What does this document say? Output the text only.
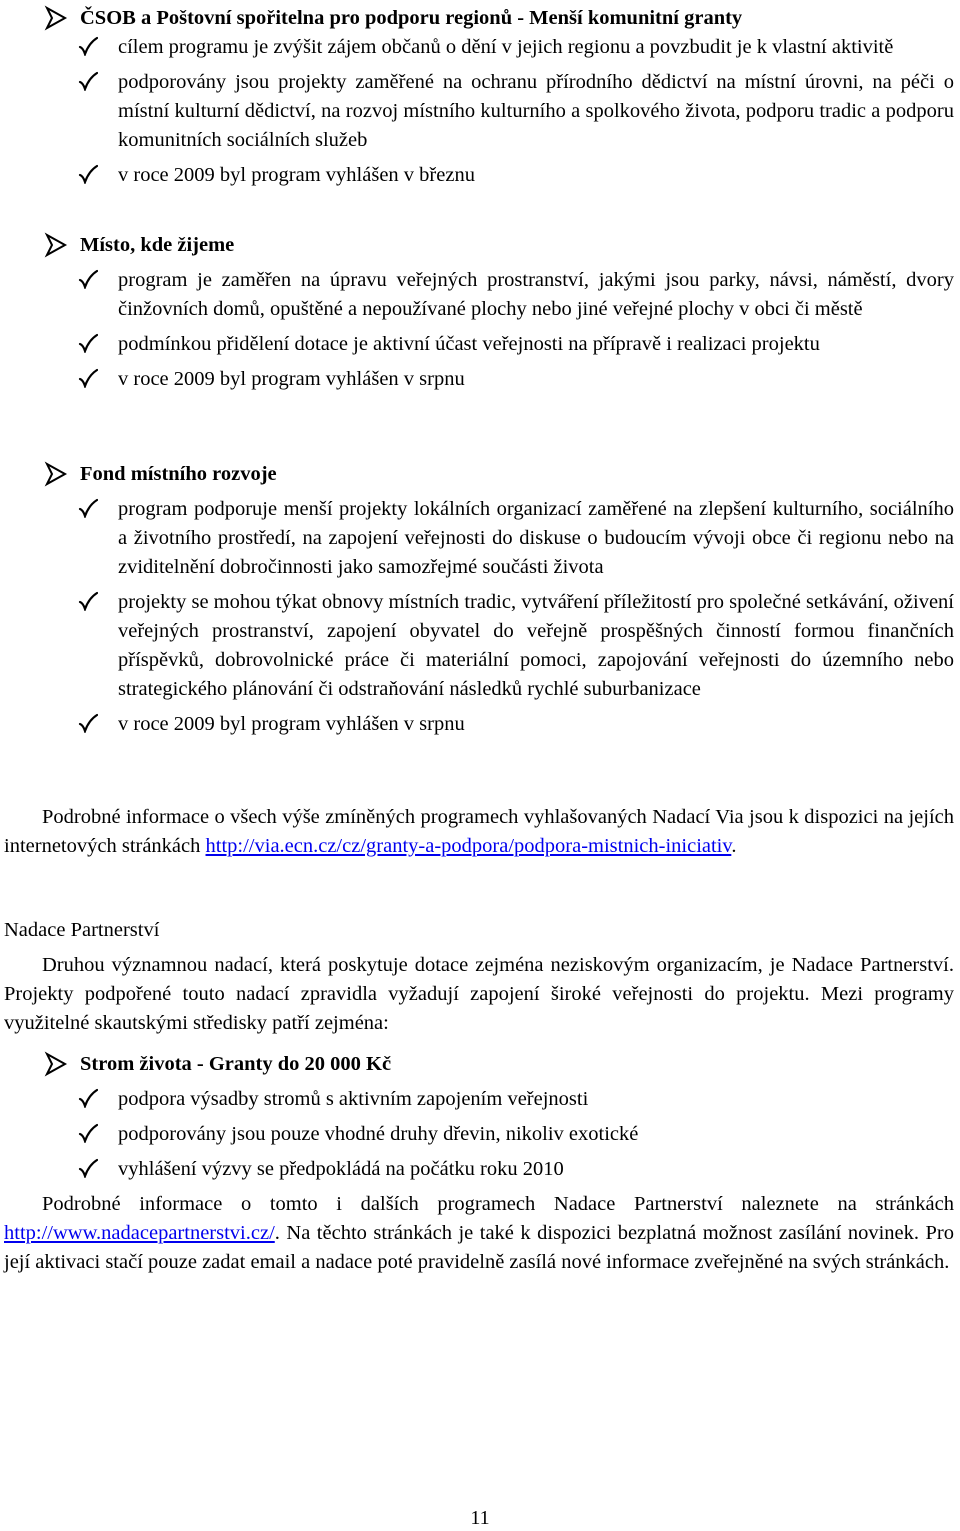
ČSOB a Poštovní spořitelna pro podporu regionů - Menší komunitní granty
cílem programu je zvýšit zájem občanů o dění v jejich regionu a povzbudit je k vlastní aktivitě
podporovány jsou projekty zaměřené na ochranu přírodního dědictví na místní úrovni, na péči o místní kulturní dědictví, na rozvoj místního kulturního a spolkového života, podporu tradic a podporu komunitních sociálních služeb
v roce 2009 byl program vyhlášen v březnu
Místo, kde žijeme
program je zaměřen na úpravu veřejných prostranství, jakými jsou parky, návsi, náměstí, dvory činžovních domů, opuštěné a nepoužívané plochy nebo jiné veřejné plochy v obci či městě
podmínkou přidělení dotace je aktivní účast veřejnosti na přípravě i realizaci projektu
v roce 2009 byl program vyhlášen v srpnu
Fond místního rozvoje
program podporuje menší projekty lokálních organizací zaměřené na zlepšení kulturního, sociálního a životního prostředí, na zapojení veřejnosti do diskuse o budoucím vývoji obce či regionu nebo na zviditelnění dobročinnosti jako samozřejmé součásti života
projekty se mohou týkat obnovy místních tradic, vytváření příležitostí pro společné setkávání, oživení veřejných prostranství, zapojení obyvatel do veřejně prospěšných činností formou finančních příspěvků, dobrovolnické práce či materiální pomoci, zapojování veřejnosti do územního nebo strategického plánování či odstraňování následků rychlé suburbanizace
v roce 2009 byl program vyhlášen v srpnu
Podrobné informace o všech výše zmíněných programech vyhlašovaných Nadací Via jsou k dispozici na jejích internetových stránkách http://via.ecn.cz/cz/granty-a-podpora/podpora-mistnich-iniciativ.
Nadace Partnerství
Druhou významnou nadací, která poskytuje dotace zejména neziskovým organizacím, je Nadace Partnerství. Projekty podpořené touto nadací zpravidla vyžadují zapojení široké veřejnosti do projektu. Mezi programy využitelné skautskými středisky patří zejména:
Strom života - Granty do 20 000 Kč
podpora výsadby stromů s aktivním zapojením veřejnosti
podporovány jsou pouze vhodné druhy dřevin, nikoliv exotické
vyhlášení výzvy se předpokládá na počátku roku 2010
Podrobné informace o tomto i dalších programech Nadace Partnerství naleznete na stránkách http://www.nadacepartnerstvi.cz/. Na těchto stránkách je také k dispozici bezplatná možnost zasílání novinek. Pro její aktivaci stačí pouze zadat email a nadace poté pravidelně zasílá nové informace zveřejněné na svých stránkách.
11
